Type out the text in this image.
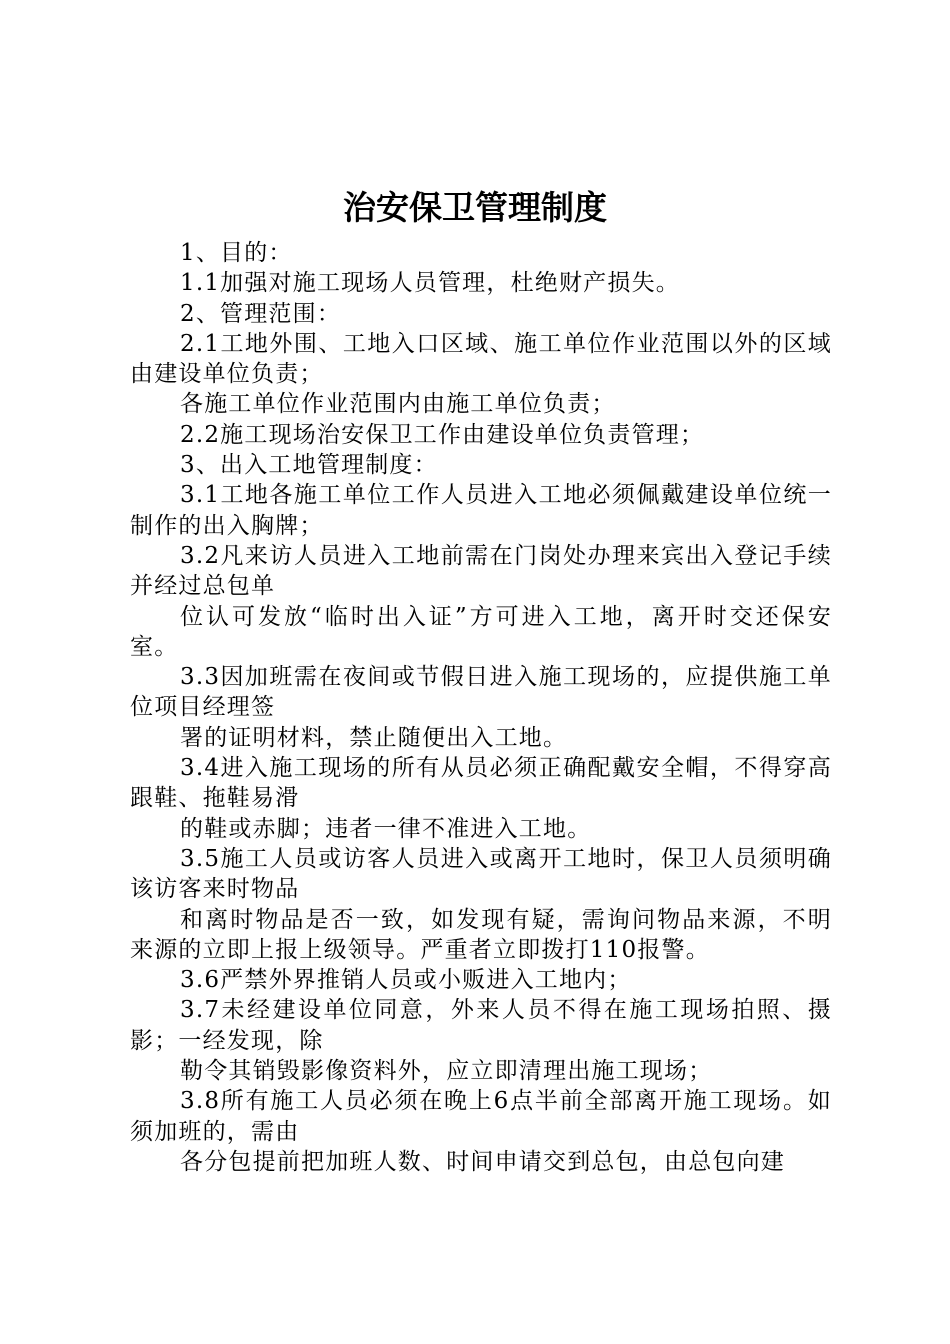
治安保卫管理制度

1、目的：

1.1加强对施工现场人员管理，杜绝财产损失。

2、管理范围：

2.1工地外围、工地入口区域、施工单位作业范围以外的区域由建设单位负责；

各施工单位作业范围内由施工单位负责；

2.2施工现场治安保卫工作由建设单位负责管理；

3、出入工地管理制度：

3.1工地各施工单位工作人员进入工地必须佩戴建设单位统一制作的出入胸牌；

3.2凡来访人员进入工地前需在门岗处办理来宾出入登记手续并经过总包单

位认可发放“临时出入证”方可进入工地，离开时交还保安室。

3.3因加班需在夜间或节假日进入施工现场的，应提供施工单位项目经理签

署的证明材料，禁止随便出入工地。

3.4进入施工现场的所有从员必须正确配戴安全帽，不得穿高跟鞋、拖鞋易滑

的鞋或赤脚；违者一律不准进入工地。

3.5施工人员或访客人员进入或离开工地时，保卫人员须明确该访客来时物品

和离时物品是否一致，如发现有疑，需询问物品来源，不明来源的立即上报上级领导。严重者立即拨打110报警。

3.6严禁外界推销人员或小贩进入工地内；

3.7未经建设单位同意，外来人员不得在施工现场拍照、摄影；一经发现，除

勒令其销毁影像资料外，应立即清理出施工现场；

3.8所有施工人员必须在晚上6点半前全部离开施工现场。如须加班的，需由

各分包提前把加班人数、时间申请交到总包，由总包向建
